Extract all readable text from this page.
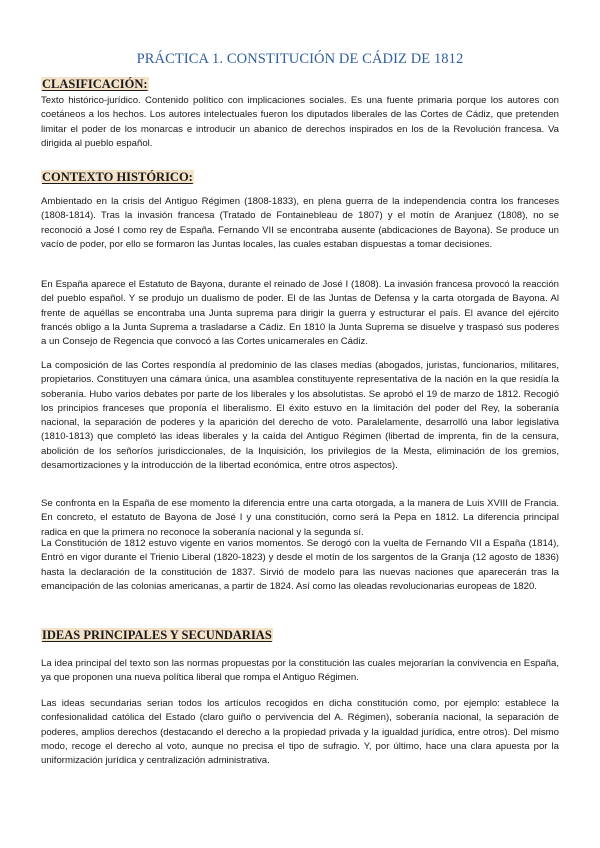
PRÁCTICA 1. CONSTITUCIÓN DE CÁDIZ DE 1812
CLASIFICACIÓN:

Texto histórico-jurídico. Contenido político con implicaciones sociales. Es una fuente primaria porque los autores con coetáneos a los hechos. Los autores intelectuales fueron los diputados liberales de las Cortes de Cádiz, que pretenden limitar el poder de los monarcas e introducir un abanico de derechos inspirados en los de la Revolución francesa. Va dirigida al pueblo español.

CONTEXTO HISTÓRICO:

Ambientado en la crisis del Antiguo Régimen (1808-1833), en plena guerra de la independencia contra los franceses (1808-1814). Tras la invasión francesa (Tratado de Fontainebleau de 1807) y el motín de Aranjuez (1808), no se reconoció a José I como rey de España. Fernando VII se encontraba ausente (abdicaciones de Bayona). Se produce un vacío de poder, por ello se formaron las Juntas locales, las cuales estaban dispuestas a tomar decisiones.

En España aparece el Estatuto de Bayona, durante el reinado de José I (1808). La invasión francesa provocó la reacción del pueblo español. Y se produjo un dualismo de poder. El de las Juntas de Defensa y la carta otorgada de Bayona. Al frente de aquéllas se encontraba una Junta suprema para dirigir la guerra y estructurar el país. El avance del ejército francés obligo a la Junta Suprema a trasladarse a Cádiz. En 1810 la Junta Suprema se disuelve y traspasó sus poderes a un Consejo de Regencia que convocó a las Cortes unicamerales en Cádiz.

La composición de las Cortes respondía al predominio de las clases medias (abogados, juristas, funcionarios, militares, propietarios. Constituyen una cámara única, una asamblea constituyente representativa de la nación en la que residía la soberanía. Hubo varios debates por parte de los liberales y los absolutistas. Se aprobó el 19 de marzo de 1812. Recogió los principios franceses que proponía el liberalismo. El éxito estuvo en la limitación del poder del Rey, la soberanía nacional, la separación de poderes y la aparición del derecho de voto. Paralelamente, desarrolló una labor legislativa (1810-1813) que completó las ideas liberales y la caída del Antiguo Régimen (libertad de imprenta, fin de la censura, abolición de los señoríos jurisdiccionales, de la Inquisición, los privilegios de la Mesta, eliminación de los gremios, desamortizaciones y la introducción de la libertad económica, entre otros aspectos).

Se confronta en la España de ese momento la diferencia entre una carta otorgada, a la manera de Luis XVIII de Francia. En concreto, el estatuto de Bayona de José I y una constitución, como será la Pepa en 1812. La diferencia principal radica en que la primera no reconoce la soberanía nacional y la segunda sí.

La Constitución de 1812 estuvo vigente en varios momentos. Se derogó con la vuelta de Fernando VII a España (1814), Entró en vigor durante el Trienio Liberal (1820-1823) y desde el motín de los sargentos de la Granja (12 agosto de 1836) hasta la declaración de la constitución de 1837. Sirvió de modelo para las nuevas naciones que aparecerán tras la emancipación de las colonias americanas, a partir de 1824. Así como las oleadas revolucionarias europeas de 1820.

IDEAS PRINCIPALES Y SECUNDARIAS

La idea principal del texto son las normas propuestas por la constitución las cuales mejorarían la convivencia en España, ya que proponen una nueva política liberal que rompa el Antiguo Régimen.

Las ideas secundarias serian todos los artículos recogidos en dicha constitución como, por ejemplo: establece la confesionalidad católica del Estado (claro guiño o pervivencia del A. Régimen), soberanía nacional, la separación de poderes, amplios derechos (destacando el derecho a la propiedad privada y la igualdad jurídica, entre otros). Del mismo modo, recoge el derecho al voto, aunque no precisa el tipo de sufragio. Y, por último, hace una clara apuesta por la uniformización jurídica y centralización administrativa.
